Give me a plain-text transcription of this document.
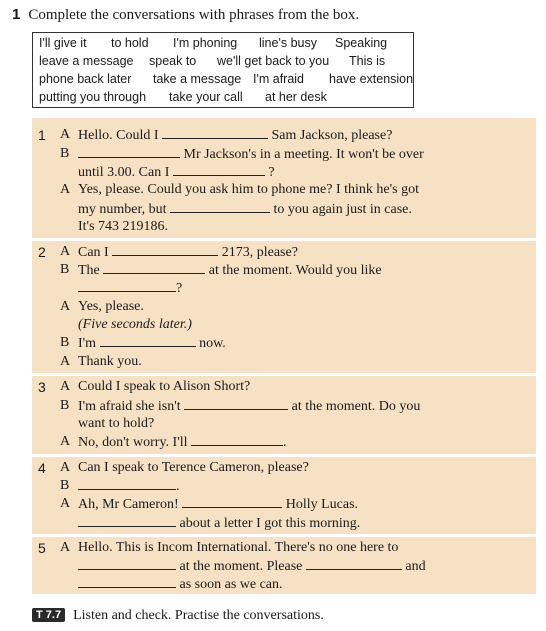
1 Complete the conversations with phrases from the box.
I'll give it to hold I'm phoning line's busy Speaking
leave a message speak to we'll get back to you This is
phone back later take a message I'm afraid have extension
putting you through take your call at her desk
1 A Hello. Could I	Sam Jackson, please?
B	Mr Jackson's in a meeting. It won't be over
until 3.00. Can I	?
A Yes, please. Could you ask him to phone me? I think he's got
my number, but	to you again just in case.
It's 743 219186.
2 A Can I	2173, please?
B The	at the moment. Would you like
?
A Yes, please.
(Five seconds later.)
B I'm	now.
A Thank you.
3 A Could I speak to Alison Short?
B I'm afraid she isn't	at the moment. Do you
want to hold?
A No, don't worry. I'll	.
4 A Can I speak to Terence Cameron, please?
B	.
A Ah, Mr Cameron!	Holly Lucas.
about a letter I got this morning.
5 A Hello. This is Incom International. There's no one here to
at the moment. Please	and
as soon as we can.
T 7.7 Listen and check. Practise the conversations.
